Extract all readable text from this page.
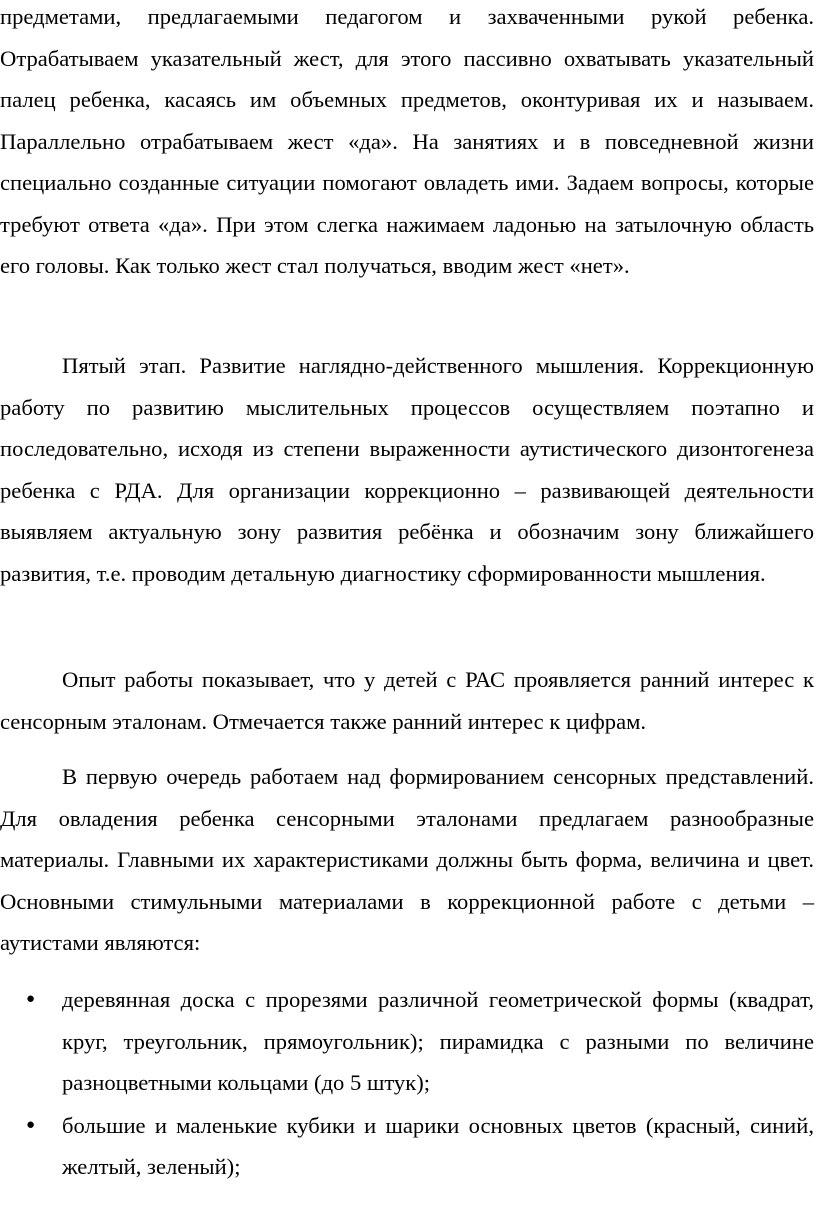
предметами, предлагаемыми педагогом и захваченными рукой ребенка. Отрабатываем указательный жест, для этого пассивно охватывать указательный палец ребенка, касаясь им объемных предметов, оконтуривая их и называем. Параллельно отрабатываем жест «да». На занятиях и в повседневной жизни специально созданные ситуации помогают овладеть ими. Задаем вопросы, которые требуют ответа «да». При этом слегка нажимаем ладонью на затылочную область его головы. Как только жест стал получаться, вводим жест «нет».

Пятый этап. Развитие наглядно-действенного мышления. Коррекционную работу по развитию мыслительных процессов осуществляем поэтапно и последовательно, исходя из степени выраженности аутистического дизонтогенеза ребенка с РДА. Для организации коррекционно – развивающей деятельности выявляем актуальную зону развития ребёнка и обозначим зону ближайшего развития, т.е. проводим детальную диагностику сформированности мышления.

Опыт работы показывает, что у детей с РАС проявляется ранний интерес к сенсорным эталонам. Отмечается также ранний интерес к цифрам.

В первую очередь работаем над формированием сенсорных представлений. Для овладения ребенка сенсорными эталонами предлагаем разнообразные материалы. Главными их характеристиками должны быть форма, величина и цвет. Основными стимульными материалами в коррекционной работе с детьми – аутистами являются:

●	деревянная доска с прорезями различной геометрической формы (квадрат, круг, треугольник, прямоугольник); пирамидка с разными по величине разноцветными кольцами (до 5 штук);
●	большие и маленькие кубики и шарики основных цветов (красный, синий, желтый, зеленый);
